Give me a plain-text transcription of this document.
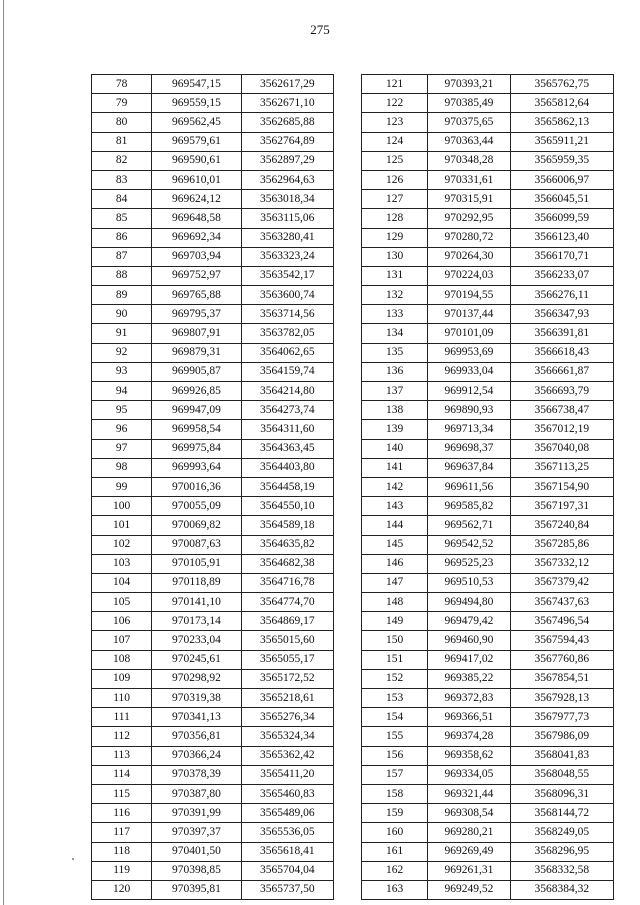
275
78	969547,15	3562617,29
79	969559,15	3562671,10
80	969562,45	3562685,88
81	969579,61	3562764,89
82	969590,61	3562897,29
83	969610,01	3562964,63
84	969624,12	3563018,34
85	969648,58	3563115,06
86	969692,34	3563280,41
87	969703,94	3563323,24
88	969752,97	3563542,17
89	969765,88	3563600,74
90	969795,37	3563714,56
91	969807,91	3563782,05
92	969879,31	3564062,65
93	969905,87	3564159,74
94	969926,85	3564214,80
95	969947,09	3564273,74
96	969958,54	3564311,60
97	969975,84	3564363,45
98	969993,64	3564403,80
99	970016,36	3564458,19
100	970055,09	3564550,10
101	970069,82	3564589,18
102	970087,63	3564635,82
103	970105,91	3564682,38
104	970118,89	3564716,78
105	970141,10	3564774,70
106	970173,14	3564869,17
107	970233,04	3565015,60
108	970245,61	3565055,17
109	970298,92	3565172,52
110	970319,38	3565218,61
111	970341,13	3565276,34
112	970356,81	3565324,34
113	970366,24	3565362,42
114	970378,39	3565411,20
115	970387,80	3565460,83
116	970391,99	3565489,06
117	970397,37	3565536,05
118	970401,50	3565618,41
119	970398,85	3565704,04
120	970395,81	3565737,50
121	970393,21	3565762,75
122	970385,49	3565812,64
123	970375,65	3565862,13
124	970363,44	3565911,21
125	970348,28	3565959,35
126	970331,61	3566006,97
127	970315,91	3566045,51
128	970292,95	3566099,59
129	970280,72	3566123,40
130	970264,30	3566170,71
131	970224,03	3566233,07
132	970194,55	3566276,11
133	970137,44	3566347,93
134	970101,09	3566391,81
135	969953,69	3566618,43
136	969933,04	3566661,87
137	969912,54	3566693,79
138	969890,93	3566738,47
139	969713,34	3567012,19
140	969698,37	3567040,08
141	969637,84	3567113,25
142	969611,56	3567154,90
143	969585,82	3567197,31
144	969562,71	3567240,84
145	969542,52	3567285,86
146	969525,23	3567332,12
147	969510,53	3567379,42
148	969494,80	3567437,63
149	969479,42	3567496,54
150	969460,90	3567594,43
151	969417,02	3567760,86
152	969385,22	3567854,51
153	969372,83	3567928,13
154	969366,51	3567977,73
155	969374,28	3567986,09
156	969358,62	3568041,83
157	969334,05	3568048,55
158	969321,44	3568096,31
159	969308,54	3568144,72
160	969280,21	3568249,05
161	969269,49	3568296,95
162	969261,31	3568332,58
163	969249,52	3568384,32
